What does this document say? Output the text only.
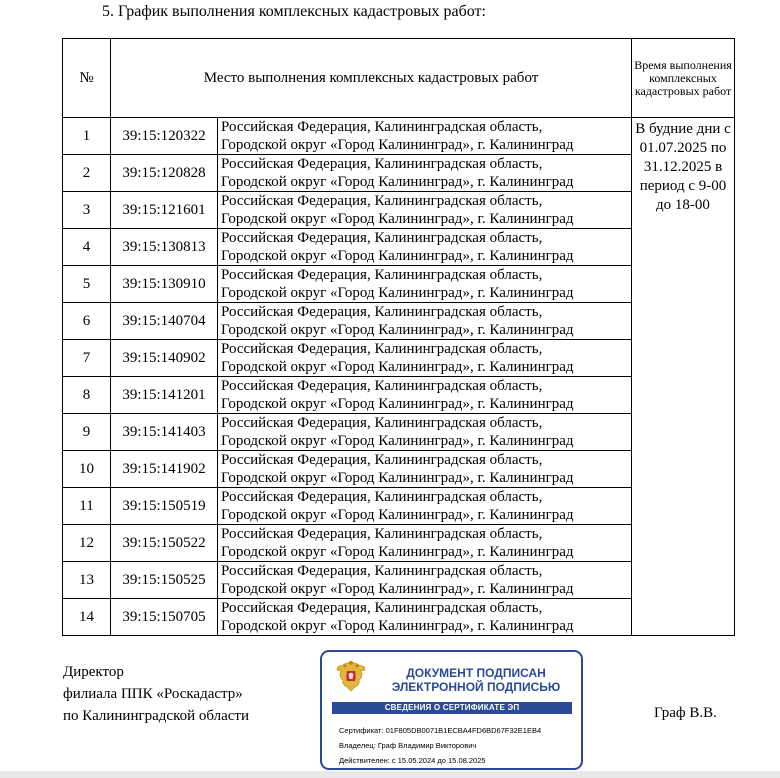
5. График выполнения комплексных кадастровых работ:
№	Место выполнения комплексных кадастровых работ		Время выполнения комплексных кадастровых работ
1	39:15:120322	Российская Федерация, Калининградская область,
Городской округ «Город Калининград», г. Калининград	В будние дни с 01.07.2025 по 31.12.2025 в период с 9-00 до 18-00
2	39:15:120828	Российская Федерация, Калининградская область,
Городской округ «Город Калининград», г. Калининград	

3	39:15:121601	Российская Федерация, Калининградская область,
Городской округ «Город Калининград», г. Калининград	

4	39:15:130813	Российская Федерация, Калининградская область,
Городской округ «Город Калининград», г. Калининград	

5	39:15:130910	Российская Федерация, Калининградская область,
Городской округ «Город Калининград», г. Калининград	

6	39:15:140704	Российская Федерация, Калининградская область,
Городской округ «Город Калининград», г. Калининград	

7	39:15:140902	Российская Федерация, Калининградская область,
Городской округ «Город Калининград», г. Калининград	

8	39:15:141201	Российская Федерация, Калининградская область,
Городской округ «Город Калининград», г. Калининград	

9	39:15:141403	Российская Федерация, Калининградская область,
Городской округ «Город Калининград», г. Калининград	

10	39:15:141902	Российская Федерация, Калининградская область,
Городской округ «Город Калининград», г. Калининград	

11	39:15:150519	Российская Федерация, Калининградская область,
Городской округ «Город Калининград», г. Калининград	

12	39:15:150522	Российская Федерация, Калининградская область,
Городской округ «Город Калининград», г. Калининград	

13	39:15:150525	Российская Федерация, Калининградская область,
Городской округ «Город Калининград», г. Калининград	

14	39:15:150705	Российская Федерация, Калининградская область,
Городской округ «Город Калининград», г. Калининград	
Директор
филиала ППК «Роскадастр»
по Калининградской области
ДОКУМЕНТ ПОДПИСАН
ЭЛЕКТРОННОЙ ПОДПИСЬЮ
СВЕДЕНИЯ О СЕРТИФИКАТЕ ЭП
Сертификат: 01F805DB0071B1ECBA4FD6BD67F32E1EB4
Владелец: Граф Владимир Викторович
Действителен: с 15.05.2024 до 15.08.2025
Граф В.В.
